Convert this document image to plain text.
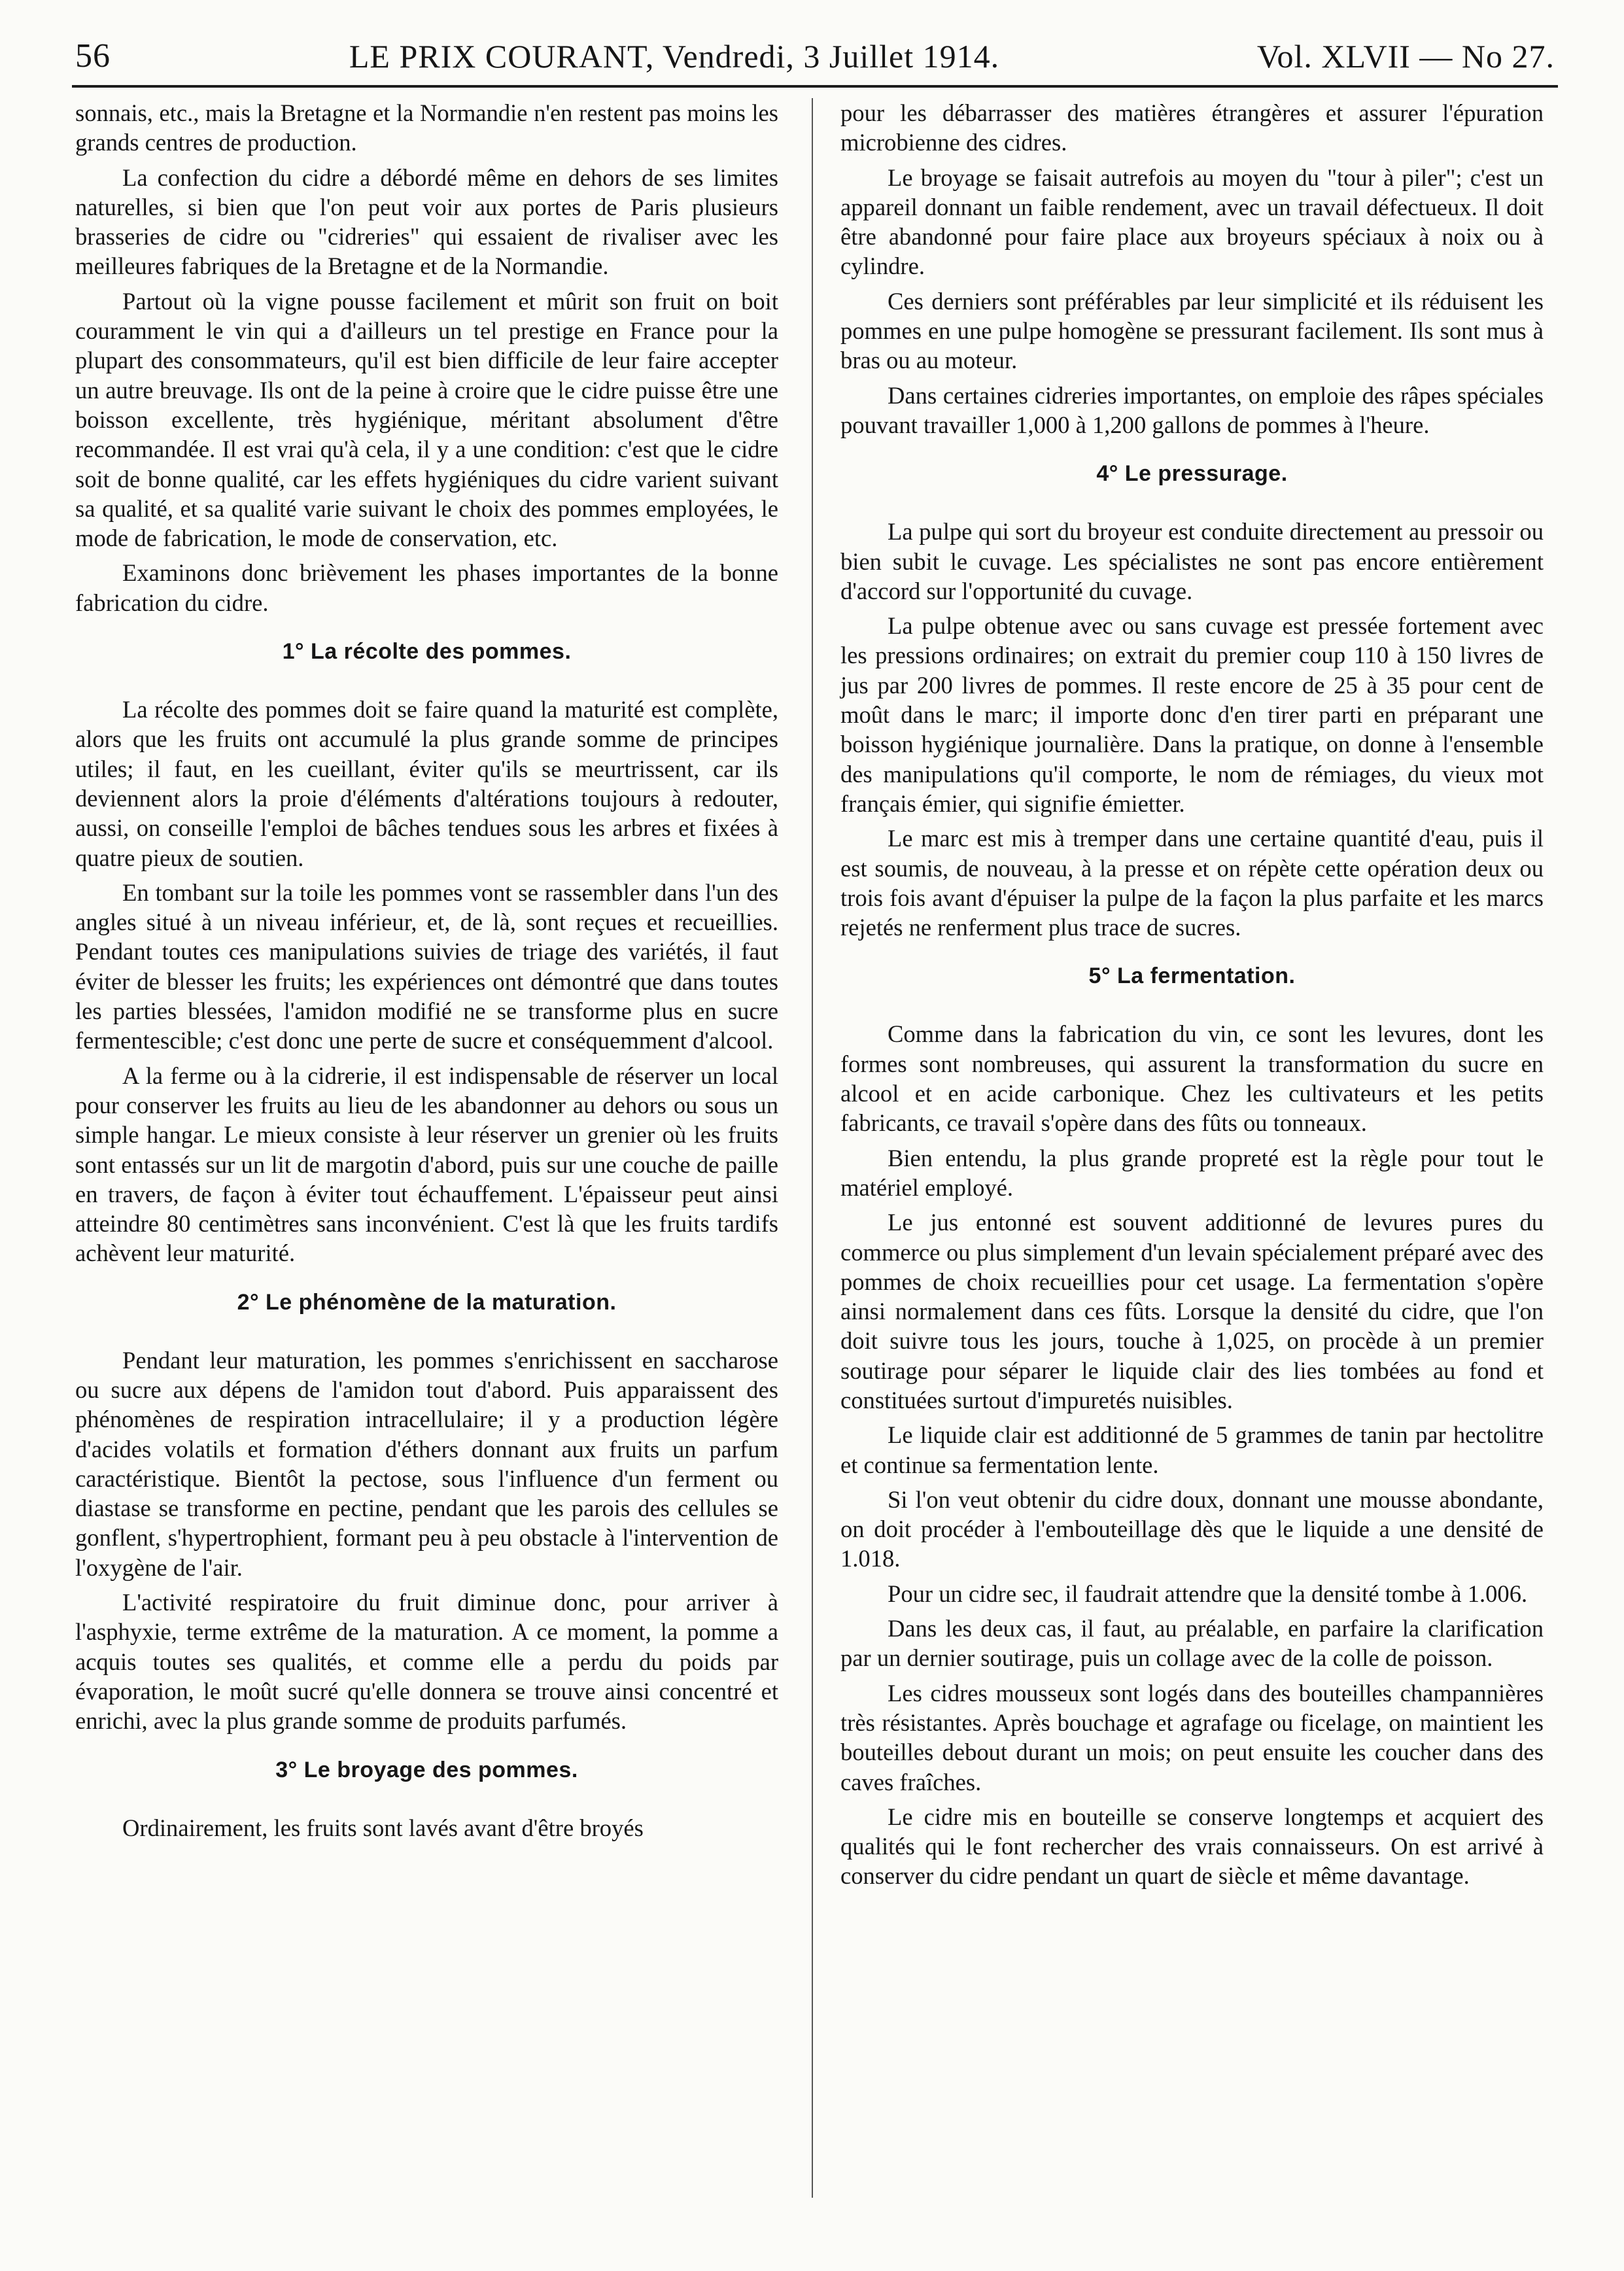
56	LE PRIX COURANT, Vendredi, 3 Juillet 1914.	Vol. XLVII — No 27.

sonnais, etc., mais la Bretagne et la Normandie n'en restent pas moins les grands centres de production.

La confection du cidre a débordé même en dehors de ses limites naturelles, si bien que l'on peut voir aux portes de Paris plusieurs brasseries de cidre ou "cidreries" qui essaient de rivaliser avec les meilleures fabriques de la Bretagne et de la Normandie.

Partout où la vigne pousse facilement et mûrit son fruit on boit couramment le vin qui a d'ailleurs un tel prestige en France pour la plupart des consommateurs, qu'il est bien difficile de leur faire accepter un autre breuvage. Ils ont de la peine à croire que le cidre puisse être une boisson excellente, très hygiénique, méritant absolument d'être recommandée. Il est vrai qu'à cela, il y a une condition: c'est que le cidre soit de bonne qualité, car les effets hygiéniques du cidre varient suivant sa qualité, et sa qualité varie suivant le choix des pommes employées, le mode de fabrication, le mode de conservation, etc.

Examinons donc brièvement les phases importantes de la bonne fabrication du cidre.

1° La récolte des pommes.

La récolte des pommes doit se faire quand la maturité est complète, alors que les fruits ont accumulé la plus grande somme de principes utiles; il faut, en les cueillant, éviter qu'ils se meurtrissent, car ils deviennent alors la proie d'éléments d'altérations toujours à redouter, aussi, on conseille l'emploi de bâches tendues sous les arbres et fixées à quatre pieux de soutien.

En tombant sur la toile les pommes vont se rassembler dans l'un des angles situé à un niveau inférieur, et, de là, sont reçues et recueillies. Pendant toutes ces manipulations suivies de triage des variétés, il faut éviter de blesser les fruits; les expériences ont démontré que dans toutes les parties blessées, l'amidon modifié ne se transforme plus en sucre fermentescible; c'est donc une perte de sucre et conséquemment d'alcool.

A la ferme ou à la cidrerie, il est indispensable de réserver un local pour conserver les fruits au lieu de les abandonner au dehors ou sous un simple hangar. Le mieux consiste à leur réserver un grenier où les fruits sont entassés sur un lit de margotin d'abord, puis sur une couche de paille en travers, de façon à éviter tout échauffement. L'épaisseur peut ainsi atteindre 80 centimètres sans inconvénient. C'est là que les fruits tardifs achèvent leur maturité.

2° Le phénomène de la maturation.

Pendant leur maturation, les pommes s'enrichissent en saccharose ou sucre aux dépens de l'amidon tout d'abord. Puis apparaissent des phénomènes de respiration intracellulaire; il y a production légère d'acides volatils et formation d'éthers donnant aux fruits un parfum caractéristique. Bientôt la pectose, sous l'influence d'un ferment ou diastase se transforme en pectine, pendant que les parois des cellules se gonflent, s'hypertrophient, formant peu à peu obstacle à l'intervention de l'oxygène de l'air.

L'activité respiratoire du fruit diminue donc, pour arriver à l'asphyxie, terme extrême de la maturation. A ce moment, la pomme a acquis toutes ses qualités, et comme elle a perdu du poids par évaporation, le moût sucré qu'elle donnera se trouve ainsi concentré et enrichi, avec la plus grande somme de produits parfumés.

3° Le broyage des pommes.

Ordinairement, les fruits sont lavés avant d'être broyés

pour les débarrasser des matières étrangères et assurer l'épuration microbienne des cidres.

Le broyage se faisait autrefois au moyen du "tour à piler"; c'est un appareil donnant un faible rendement, avec un travail défectueux. Il doit être abandonné pour faire place aux broyeurs spéciaux à noix ou à cylindre.

Ces derniers sont préférables par leur simplicité et ils réduisent les pommes en une pulpe homogène se pressurant facilement. Ils sont mus à bras ou au moteur.

Dans certaines cidreries importantes, on emploie des râpes spéciales pouvant travailler 1,000 à 1,200 gallons de pommes à l'heure.

4° Le pressurage.

La pulpe qui sort du broyeur est conduite directement au pressoir ou bien subit le cuvage. Les spécialistes ne sont pas encore entièrement d'accord sur l'opportunité du cuvage.

La pulpe obtenue avec ou sans cuvage est pressée fortement avec les pressions ordinaires; on extrait du premier coup 110 à 150 livres de jus par 200 livres de pommes. Il reste encore de 25 à 35 pour cent de moût dans le marc; il importe donc d'en tirer parti en préparant une boisson hygiénique journalière. Dans la pratique, on donne à l'ensemble des manipulations qu'il comporte, le nom de rémiages, du vieux mot français émier, qui signifie émietter.

Le marc est mis à tremper dans une certaine quantité d'eau, puis il est soumis, de nouveau, à la presse et on répète cette opération deux ou trois fois avant d'épuiser la pulpe de la façon la plus parfaite et les marcs rejetés ne renferment plus trace de sucres.

5° La fermentation.

Comme dans la fabrication du vin, ce sont les levures, dont les formes sont nombreuses, qui assurent la transformation du sucre en alcool et en acide carbonique. Chez les cultivateurs et les petits fabricants, ce travail s'opère dans des fûts ou tonneaux.

Bien entendu, la plus grande propreté est la règle pour tout le matériel employé.

Le jus entonné est souvent additionné de levures pures du commerce ou plus simplement d'un levain spécialement préparé avec des pommes de choix recueillies pour cet usage. La fermentation s'opère ainsi normalement dans ces fûts. Lorsque la densité du cidre, que l'on doit suivre tous les jours, touche à 1,025, on procède à un premier soutirage pour séparer le liquide clair des lies tombées au fond et constituées surtout d'impuretés nuisibles.

Le liquide clair est additionné de 5 grammes de tanin par hectolitre et continue sa fermentation lente.

Si l'on veut obtenir du cidre doux, donnant une mousse abondante, on doit procéder à l'embouteillage dès que le liquide a une densité de 1.018.

Pour un cidre sec, il faudrait attendre que la densité tombe à 1.006.

Dans les deux cas, il faut, au préalable, en parfaire la clarification par un dernier soutirage, puis un collage avec de la colle de poisson.

Les cidres mousseux sont logés dans des bouteilles champannières très résistantes. Après bouchage et agrafage ou ficelage, on maintient les bouteilles debout durant un mois; on peut ensuite les coucher dans des caves fraîches.

Le cidre mis en bouteille se conserve longtemps et acquiert des qualités qui le font rechercher des vrais connaisseurs. On est arrivé à conserver du cidre pendant un quart de siècle et même davantage.
